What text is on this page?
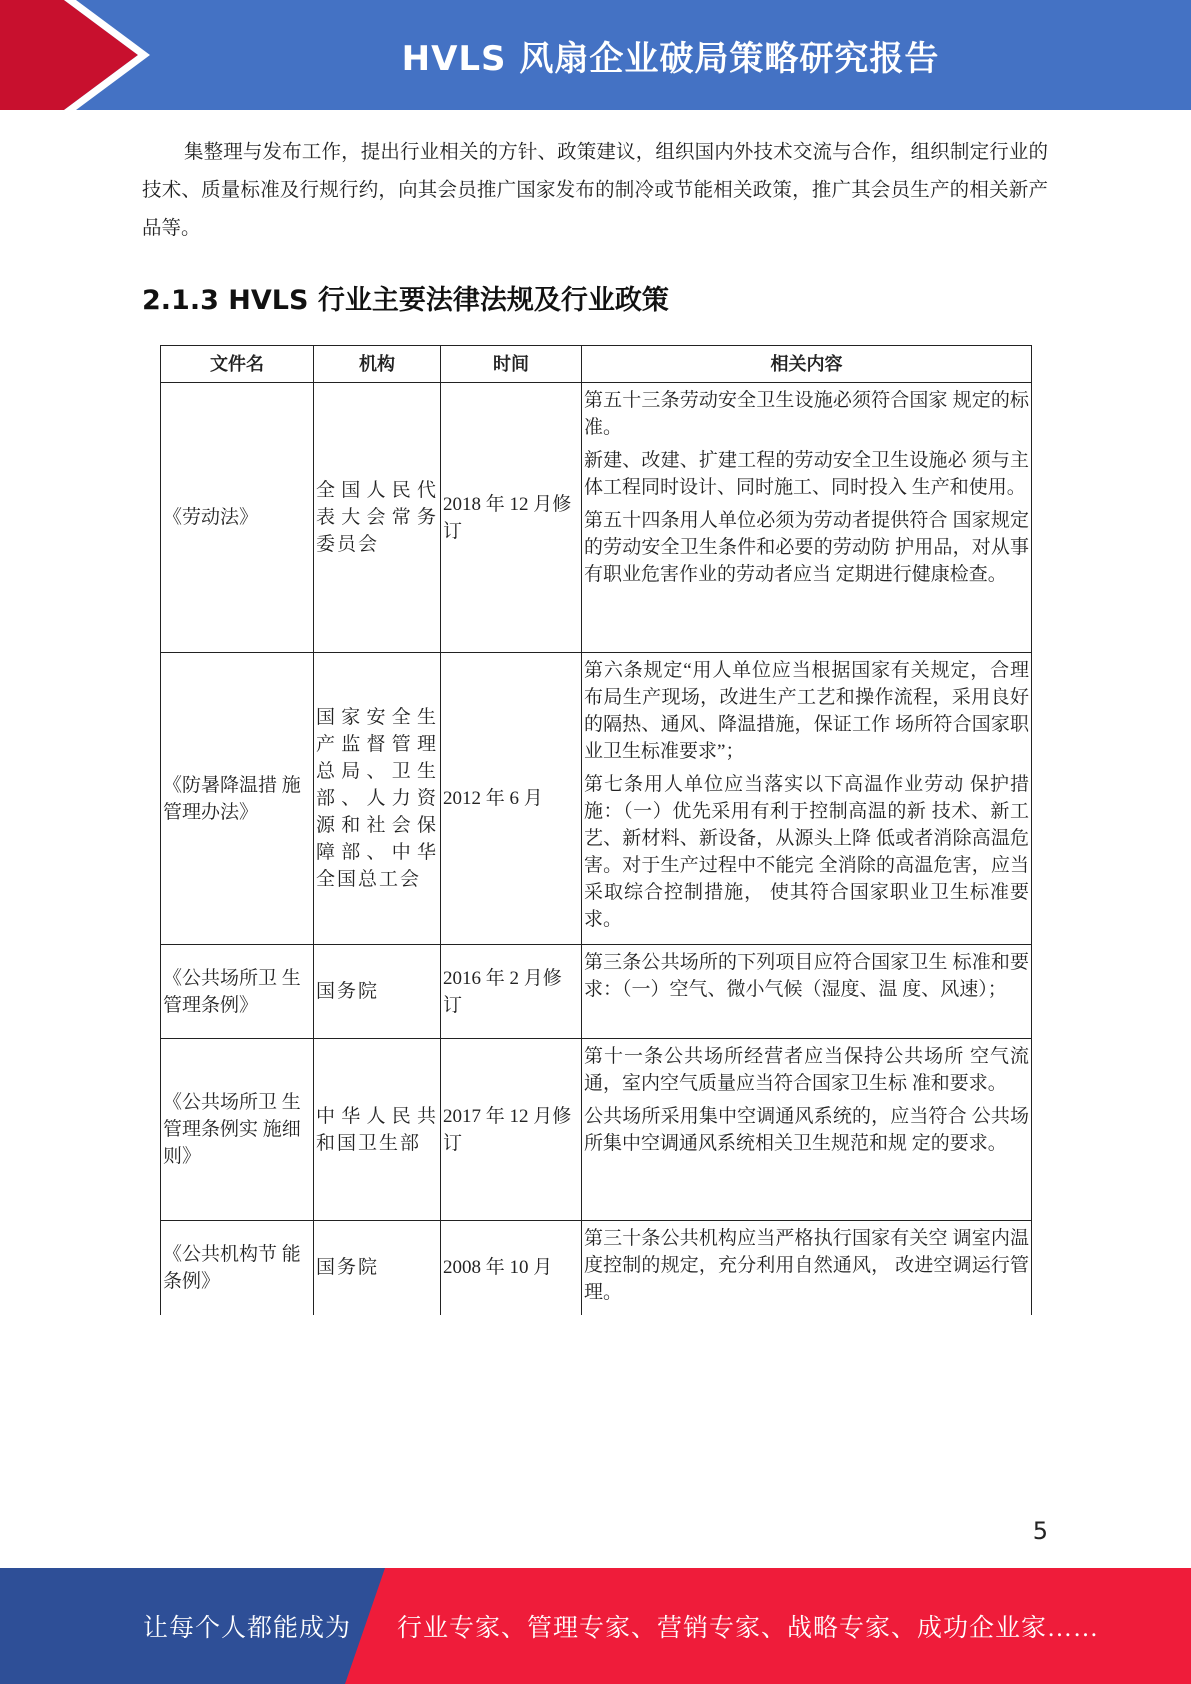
HVLS 风扇企业破局策略研究报告
集整理与发布工作，提出行业相关的方针、政策建议，组织国内外技术交流与合作，组织制定行业的技术、质量标准及行规行约，向其会员推广国家发布的制冷或节能相关政策，推广其会员生产的相关新产品等。
2.1.3 HVLS 行业主要法律法规及行业政策
文件名	机构	时间	相关内容
《劳动法》	全国人民代表大会常务委员会	2018 年 12 月修订	第五十三条劳动安全卫生设施必须符合国家 规定的标准。

新建、改建、扩建工程的劳动安全卫生设施必 须与主体工程同时设计、同时施工、同时投入 生产和使用。

第五十四条用人单位必须为劳动者提供符合 国家规定的劳动安全卫生条件和必要的劳动防 护用品，对从事有职业危害作业的劳动者应当 定期进行健康检查。

《防暑降温措 施管理办法》	国家安全生产监督管理总局、卫生部、人力资源和社会保障部、中华全国总工会	2012 年 6 月	第六条规定“用人单位应当根据国家有关规定，合理布局生产现场，改进生产工艺和操作流程，采用良好的隔热、通风、降温措施，保证工作 场所符合国家职业卫生标准要求”；

第七条用人单位应当落实以下高温作业劳动 保护措施：（一）优先采用有利于控制高温的新 技术、新工艺、新材料、新设备，从源头上降 低或者消除高温危害。对于生产过程中不能完 全消除的高温危害，应当采取综合控制措施， 使其符合国家职业卫生标准要求。

《公共场所卫 生管理条例》	国务院	2016 年 2 月修订	第三条公共场所的下列项目应符合国家卫生 标准和要求：（一）空气、微小气候（湿度、温 度、风速）；

《公共场所卫 生管理条例实 施细则》	中华人民共和国卫生部	2017 年 12 月修订	第十一条公共场所经营者应当保持公共场所 空气流通，室内空气质量应当符合国家卫生标 准和要求。

公共场所采用集中空调通风系统的，应当符合 公共场所集中空调通风系统相关卫生规范和规 定的要求。

《公共机构节 能条例》	国务院	2008 年 10 月	第三十条公共机构应当严格执行国家有关空 调室内温度控制的规定，充分利用自然通风， 改进空调运行管理。

5
让每个人都能成为 行业专家、管理专家、营销专家、战略专家、成功企业家……
